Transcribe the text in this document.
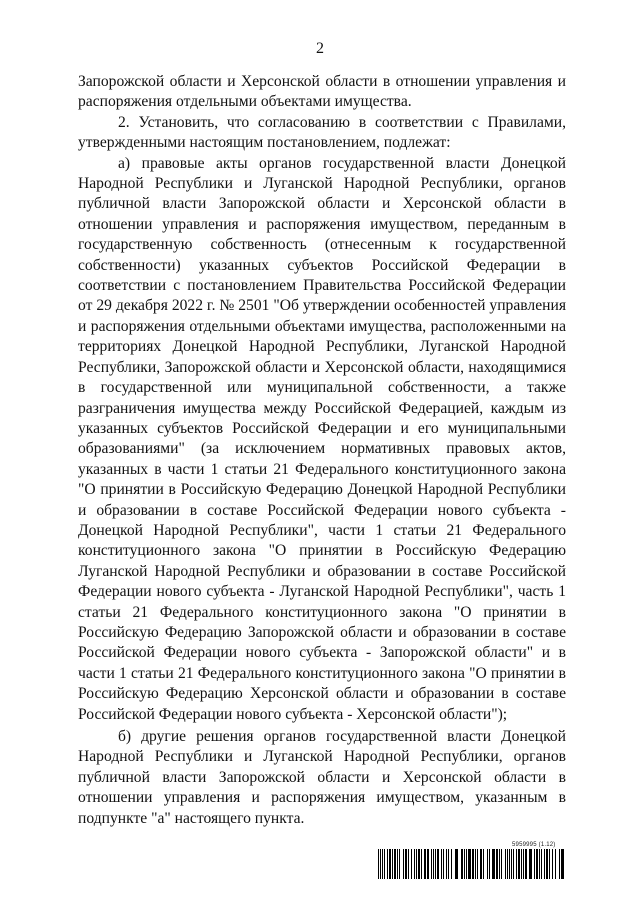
2

Запорожской области и Херсонской области в отношении управления и распоряжения отдельными объектами имущества.

2. Установить, что согласованию в соответствии с Правилами, утвержденными настоящим постановлением, подлежат:

а) правовые акты органов государственной власти Донецкой Народной Республики и Луганской Народной Республики, органов публичной власти Запорожской области и Херсонской области в отношении управления и распоряжения имуществом, переданным в государственную собственность (отнесенным к государственной собственности) указанных субъектов Российской Федерации в соответствии с постановлением Правительства Российской Федерации от 29 декабря 2022 г. № 2501 "Об утверждении особенностей управления и распоряжения отдельными объектами имущества, расположенными на территориях Донецкой Народной Республики, Луганской Народной Республики, Запорожской области и Херсонской области, находящимися в государственной или муниципальной собственности, а также разграничения имущества между Российской Федерацией, каждым из указанных субъектов Российской Федерации и его муниципальными образованиями" (за исключением нормативных правовых актов, указанных в части 1 статьи 21 Федерального конституционного закона "О принятии в Российскую Федерацию Донецкой Народной Республики и образовании в составе Российской Федерации нового субъекта - Донецкой Народной Республики", части 1 статьи 21 Федерального конституционного закона "О принятии в Российскую Федерацию Луганской Народной Республики и образовании в составе Российской Федерации нового субъекта - Луганской Народной Республики", часть 1 статьи 21 Федерального конституционного закона "О принятии в Российскую Федерацию Запорожской области и образовании в составе Российской Федерации нового субъекта - Запорожской области" и в части 1 статьи 21 Федерального конституционного закона "О принятии в Российскую Федерацию Херсонской области и образовании в составе Российской Федерации нового субъекта - Херсонской области");

б) другие решения органов государственной власти Донецкой Народной Республики и Луганской Народной Республики, органов публичной власти Запорожской области и Херсонской области в отношении управления и распоряжения имуществом, указанным в подпункте "а" настоящего пункта.

5959995 (1.12)
